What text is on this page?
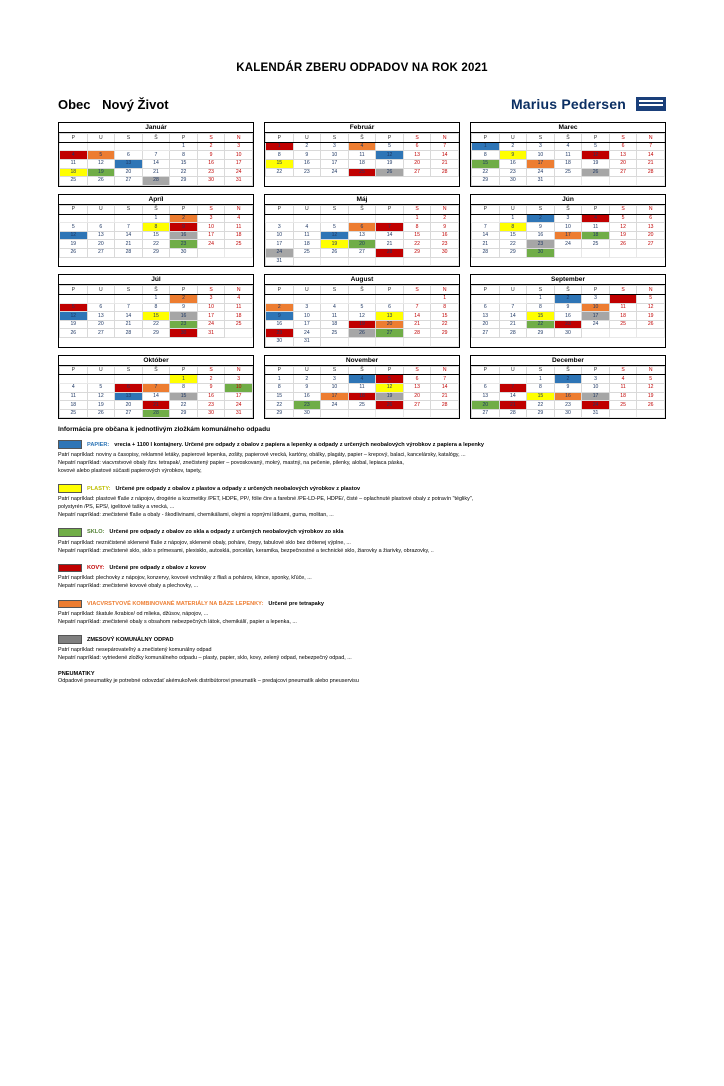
KALENDÁR ZBERU ODPADOV NA ROK 2021
Obec Nový Život	Marius Pedersen
Január
P	U	S	Š	P	S	N
				1	2	3
4	5	6	7	8	9	10
11	12	13	14	15	16	17
18	19	20	21	22	23	24
25	26	27	28	29	30	31
Február
P	U	S	Š	P	S	N
1	2	3	4	5	6	7
8	9	10	11	12	13	14
15	16	17	18	19	20	21
22	23	24	25	26	27	28
Marec
P	U	S	Š	P	S	N
1	2	3	4	5	6	7
8	9	10	11	12	13	14
15	16	17	18	19	20	21
22	23	24	25	26	27	28
29	30	31				
Apríl
P	U	S	Š	P	S	N
			1	2	3	4
5	6	7	8	9	10	11
12	13	14	15	16	17	18
19	20	21	22	23	24	25
26	27	28	29	30		
Máj
P	U	S	Š	P	S	N
					1	2
3	4	5	6	7	8	9
10	11	12	13	14	15	16
17	18	19	20	21	22	23
24	25	26	27	28	29	30
31						
Jún
P	U	S	Š	P	S	N
	1	2	3	4	5	6
7	8	9	10	11	12	13
14	15	16	17	18	19	20
21	22	23	24	25	26	27
28	29	30				
Júl
P	U	S	Š	P	S	N
			1	2	3	4
5	6	7	8	9	10	11
12	13	14	15	16	17	18
19	20	21	22	23	24	25
26	27	28	29	30	31	
August
P	U	S	Š	P	S	N
						1
2	3	4	5	6	7	8
9	10	11	12	13	14	15
16	17	18	19	20	21	22
23	24	25	26	27	28	29
30	31					
September
P	U	S	Š	P	S	N
		1	2	3	4	5
6	7	8	9	10	11	12
13	14	15	16	17	18	19
20	21	22	23	24	25	26
27	28	29	30			
Október
P	U	S	Š	P	S	N
				1	2	3
4	5	6	7	8	9	10
11	12	13	14	15	16	17
18	19	20	21	22	23	24
25	26	27	28	29	30	31
November
P	U	S	Š	P	S	N
1	2	3	4	5	6	7
8	9	10	11	12	13	14
15	16	17	18	19	20	21
22	23	24	25	26	27	28
29	30					
December
P	U	S	Š	P	S	N
		1	2	3	4	5
6	7	8	9	10	11	12
13	14	15	16	17	18	19
20	21	22	23	24	25	26
27	28	29	30	31		
Informácia pre občana k jednotlivým zložkám komunálneho odpadu
PAPIER: vrecia + 1100 l kontajnery. Určené pre odpady z obalov z papiera a lepenky a odpady z určených neobalových výrobkov z papiera a lepenky
Patrí napríklad: noviny a časopisy, reklamné letáky, papierové lepenka, zošity, papierové vrecká, kartóny, obálky, plagáty, papier – krepový, balaci, kancelársky, katalógy, ...
Nepatrí napríklad: viacvrstvové obaly /tzv. tetrapak/, znečistený papier – povoskovaný, mokrý, mastný, na pečenie, pilenky, alobal, lepiaca páska,
kovové alebo plastové súčasti papierových výrobkov, tapety,
PLASTY: Určené pre odpady z obalov z plastov a odpady z určených neobalových výrobkov z plastov
Patrí napríklad: plastové fľaše z nápojov, drogérie a kozmetiky /PET, HDPE, PP/, fólie čire a farebné /PE-LD-PE, HDPE/, čisté – oplachnuté plastové obaly z potravín "tégliky",
polystyrén /PS, EPS/, igelitové tašky a vrecká, ...
Nepatrí napríklad: znečistené fľaše a obaly - škodlivinami, chemikáliami, olejmi a ropnými látkami, guma, molitan, ...
SKLO: Určené pre odpady z obalov zo skla a odpady z určených neobalových výrobkov zo skla
Patrí napríklad: nezničistené sklenené fľaše z nápojov, sklenené obaly, poháre, črepy, tabulové sklo bez drôtenej výplne, ...
Nepatrí napríklad: znečistené sklo, sklo s prímesami, plexisklo, autosklá, porcelán, keramika, bezpečnostné a technické sklo, žiarovky a žiarivky, obrazovky, ..
KOVY: Určené pre odpady z obalov z kovov
Patrí napríklad: plechovky z nápojov, konzervy, kovové vrchnáky z fliaš a pohárov, klince, sponky, kľúče, ...
Nepatrí napríklad: znečistené kovové obaly a plechovky, ...
VIACVRSTVOVÉ KOMBINOVANÉ MATERIÁLY NA BÁZE LEPENKY: Určené pre tetrapaky
Patrí napríklad: škatule /krabice/ od mlieka, džúsov, nápojov, ...
Nepatrí napríklad: znečistené obaly s obsahom nebezpečných látok, chemikálií, papier a lepenka, ...
ZMESOVÝ KOMUNÁLNY ODPAD
Patrí napríklad: nesepárovateľný a znečistený komunálny odpad
Nepatrí napríklad: vytriedené zložky komunálneho odpadu – plasty, papier, sklo, kovy, zelený odpad, nebezpečný odpad, ...
PNEUMATIKY
Odpadové pneumatiky je potrebné odovzdať akémukoľvek distribútorovi pneumatík – predajcovi pneumatík alebo pneuservisu
